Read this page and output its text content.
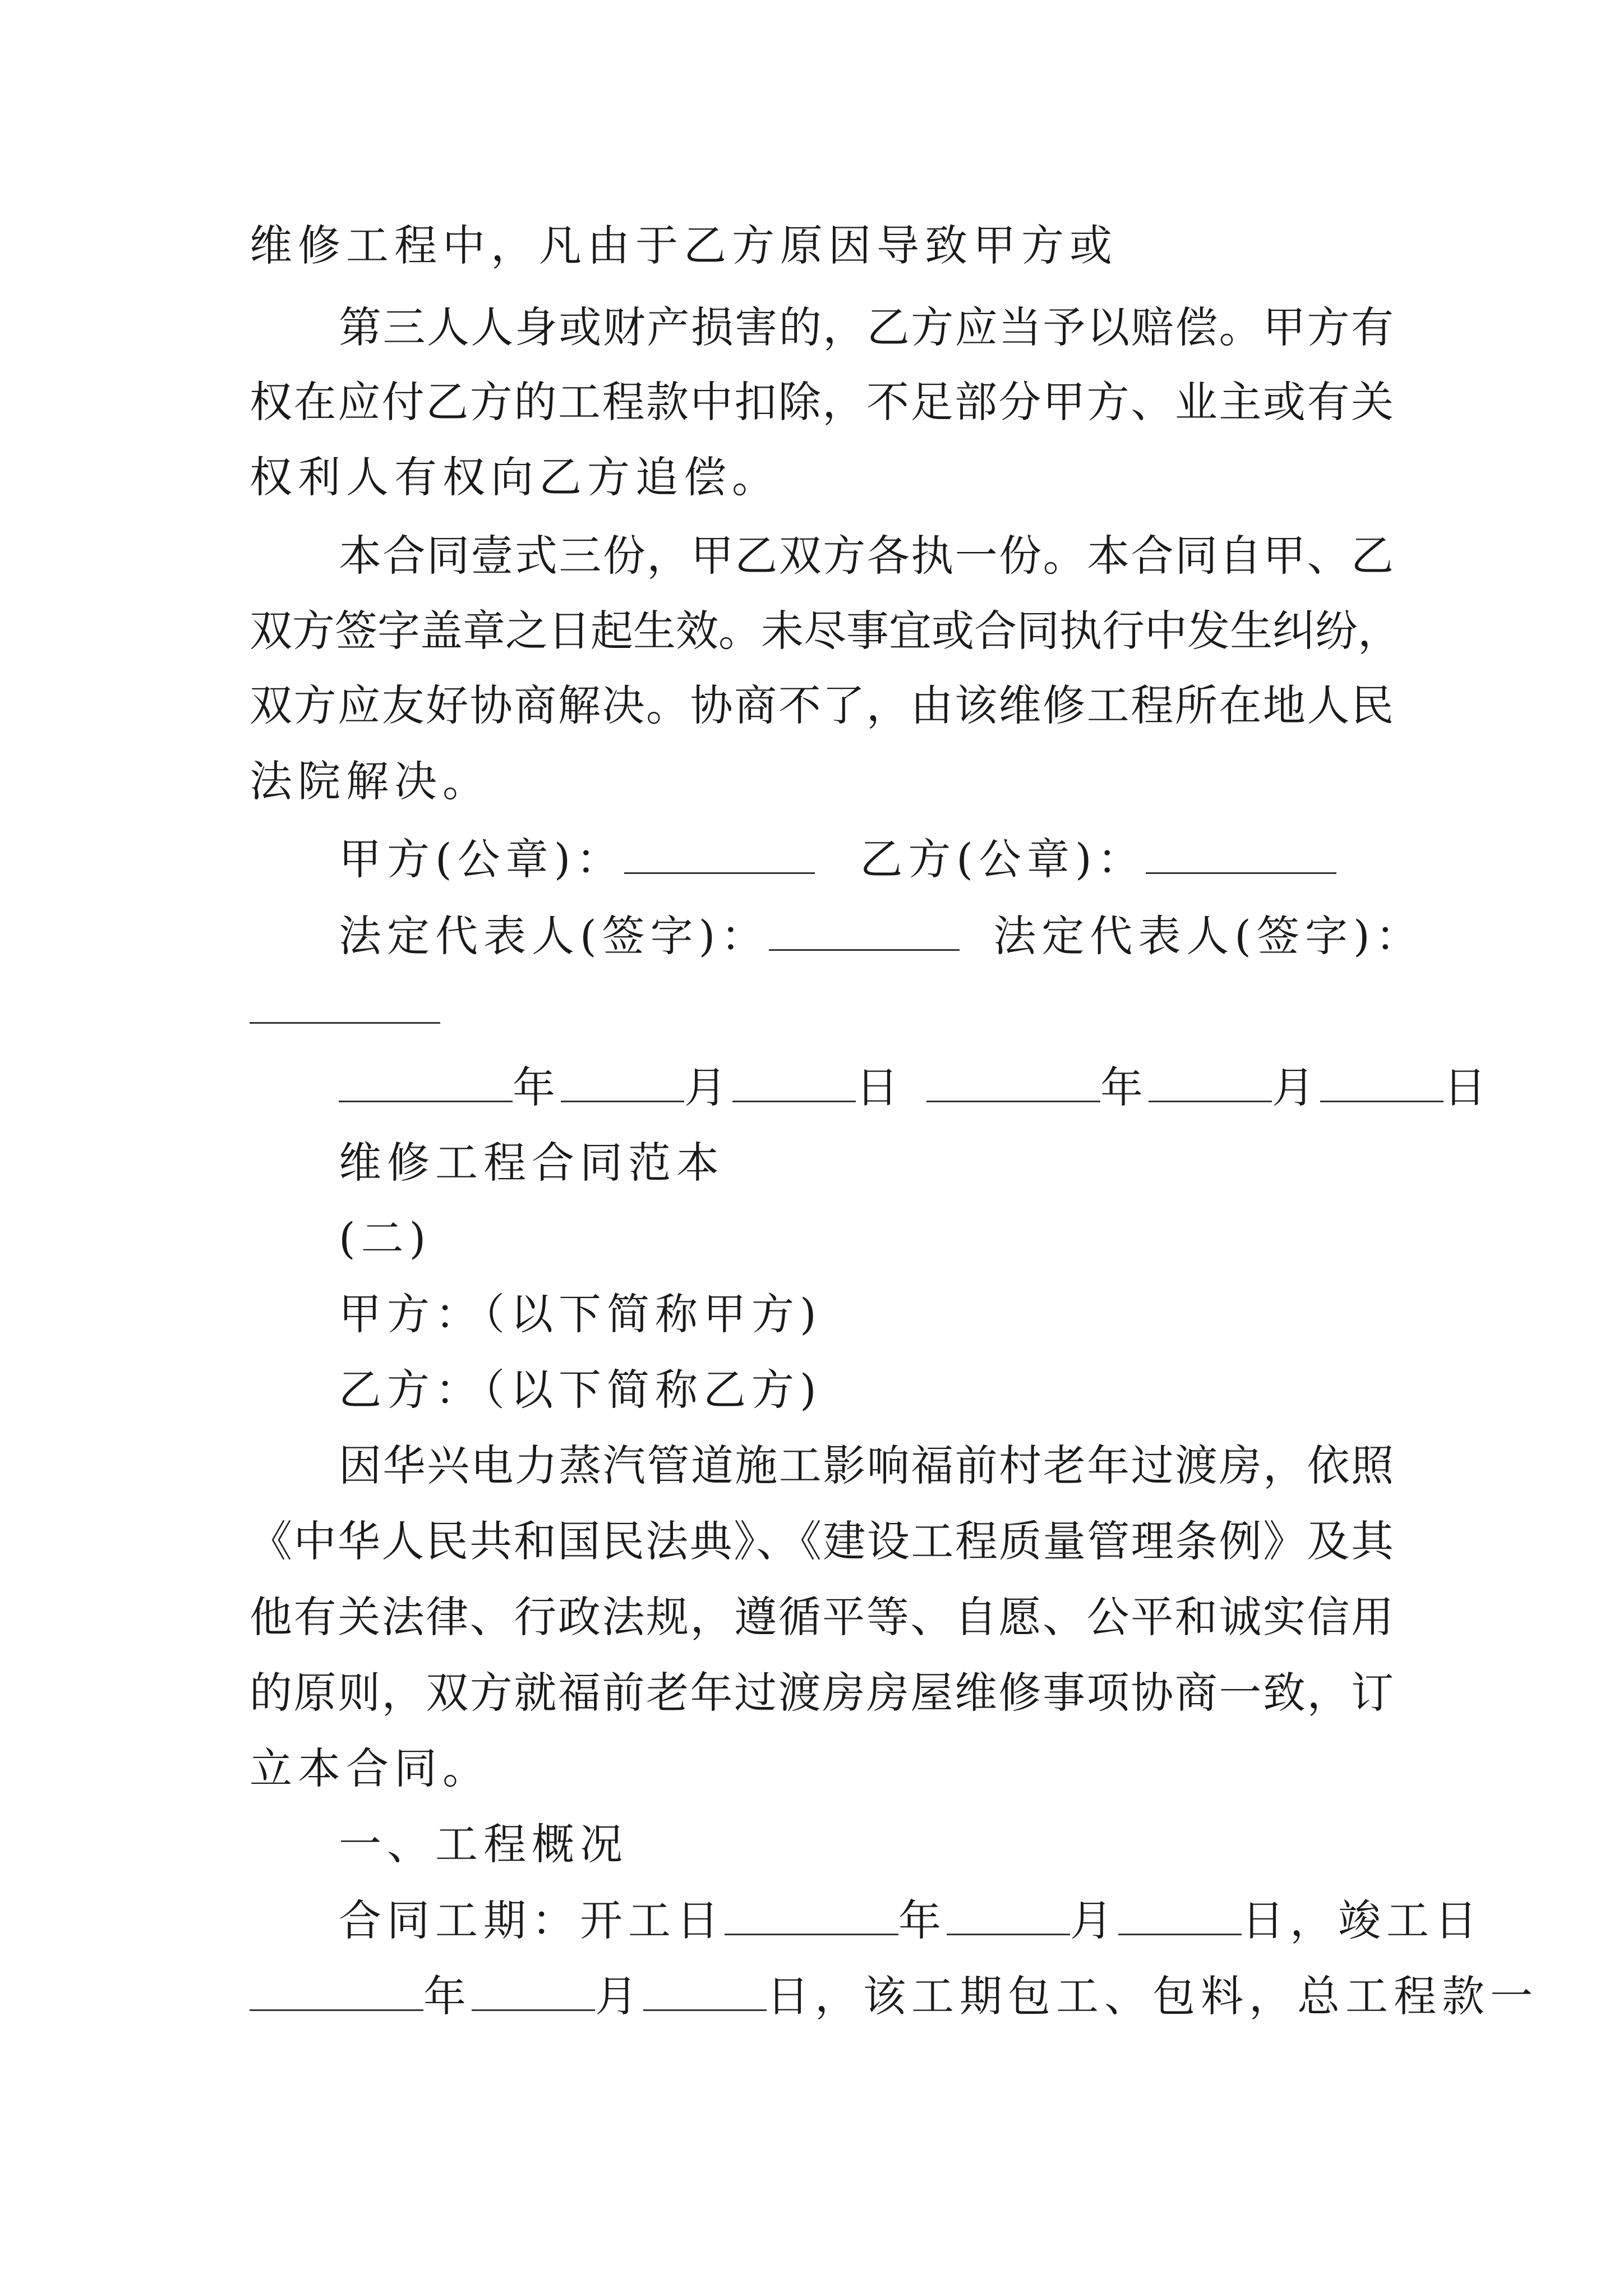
维修工程中，凡由于乙方原因导致甲方或
第三人人身或财产损害的，乙方应当予以赔偿。甲方有
权在应付乙方的工程款中扣除，不足部分甲方、业主或有关
权利人有权向乙方追偿。
本合同壹式三份，甲乙双方各执一份。本合同自甲、乙
双方签字盖章之日起生效。未尽事宜或合同执行中发生纠纷，
双方应友好协商解决。协商不了，由该维修工程所在地人民
法院解决。
甲方(公章)：	乙方(公章)：
法定代表人(签字)：	法定代表人(签字)：
年	月	日	年	月	日
维修工程合同范本
(二)
甲方：（以下简称甲方)
乙方：（以下简称乙方)
因华兴电力蒸汽管道施工影响福前村老年过渡房，依照
《中华人民共和国民法典》、《建设工程质量管理条例》及其
他有关法律、行政法规，遵循平等、自愿、公平和诚实信用
的原则，双方就福前老年过渡房房屋维修事项协商一致，订
立本合同。
一、工程概况
合同工期：开工日	年	月	日，竣工日
年	月	日，该工期包工、包料，总工程款一
